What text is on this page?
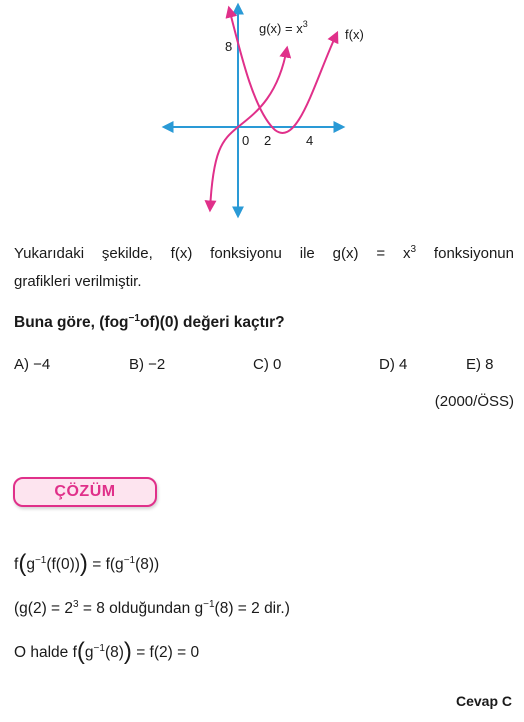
$g(x) = x^3$
f(x)
8
0 2	4
Yukarıdaki şekilde, f(x) fonksiyonu ile $g(x) = x^3$ fonksiyonun
grafikleri verilmiştir.
Buna göre, (fog$^{-1}$of)(0) değeri kaçtır?
A) −4	B) −2	C) 0	D) 4	E) 8
(2000/ÖSS)
ÇÖZÜM
$f(g^{-1}(f(0))) = f(g^{-1}(8))$
($g(2) = 2^3 = 8$ olduğundan $g^{-1}(8) = 2$ dir.)
O halde $f(g^{-1}(8)) = f(2) = 0$
Cevap C
